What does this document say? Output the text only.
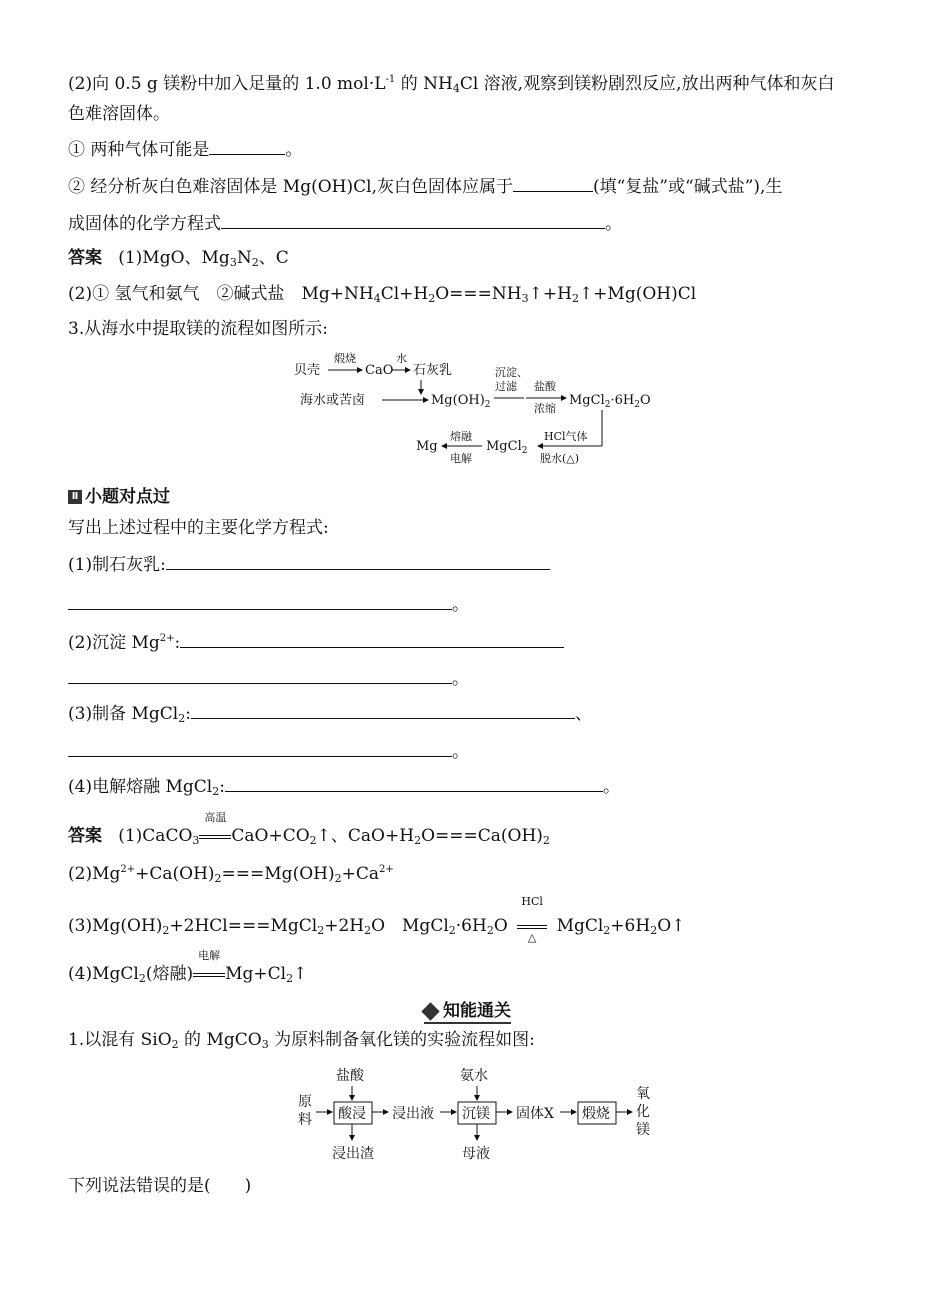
(2)向 0.5 g 镁粉中加入足量的 1.0 $mol\cdot L^{-1}$ 的 $NH_4Cl$ 溶液,观察到镁粉剧烈反应,放出两种气体和灰白
色难溶固体。
① 两种气体可能是	。
② 经分析灰白色难溶固体是 Mg(OH)Cl,灰白色固体应属于	(填“复盐”或“碱式盐”),生
成固体的化学方程式	。
答案 (1)MgO、$Mg_3N_2$、C
(2)① 氢气和氨气　②碱式盐　$Mg+NH_4Cl+H_2O===NH_3↑+H_2↑+Mg(OH)Cl$
3.从海水中提取镁的流程如图所示:
贝壳
煅烧
CaO
水
石灰乳
海水或苦卤	$Mg(OH)_2$
沉淀、
过滤 盐酸
浓缩
$MgCl_2\cdot 6H_2O$
HCl气体
脱水(△)
MgCl$_2$
熔融
电解
Mg
Ⅱ 小题对点过
写出上述过程中的主要化学方程式:
(1)制石灰乳:
。
(2)沉淀 $Mg^{2+}$:
。
(3)制备 MgCl$_2$:	、
。
(4)电解熔融 MgCl$_2$:	。
答案 (1)CaCO$_3$
高温
$CaO+CO_2↑$、$CaO+H_2O===Ca(OH)_2$
$(2)Mg^{2+}+Ca(OH)_2===Mg(OH)_2+Ca^{2+}$
$(3)Mg(OH)_2+2HCl===MgCl_2+2H_2O$　$MgCl_2\cdot 6H_2O$
HCl
△
$MgCl_2+6H_2O↑$
(4)MgCl$_2$(熔融)
电解
$Mg+Cl_2↑$
知能通关
1.以混有 SiO$_2$ 的 MgCO$_3$ 为原料制备氧化镁的实验流程如图:
原
料
盐酸
酸浸
浸出渣
浸出液
氨水
沉镁
母液
固体X 煅烧
氧
化
镁
下列说法错误的是(　　)
